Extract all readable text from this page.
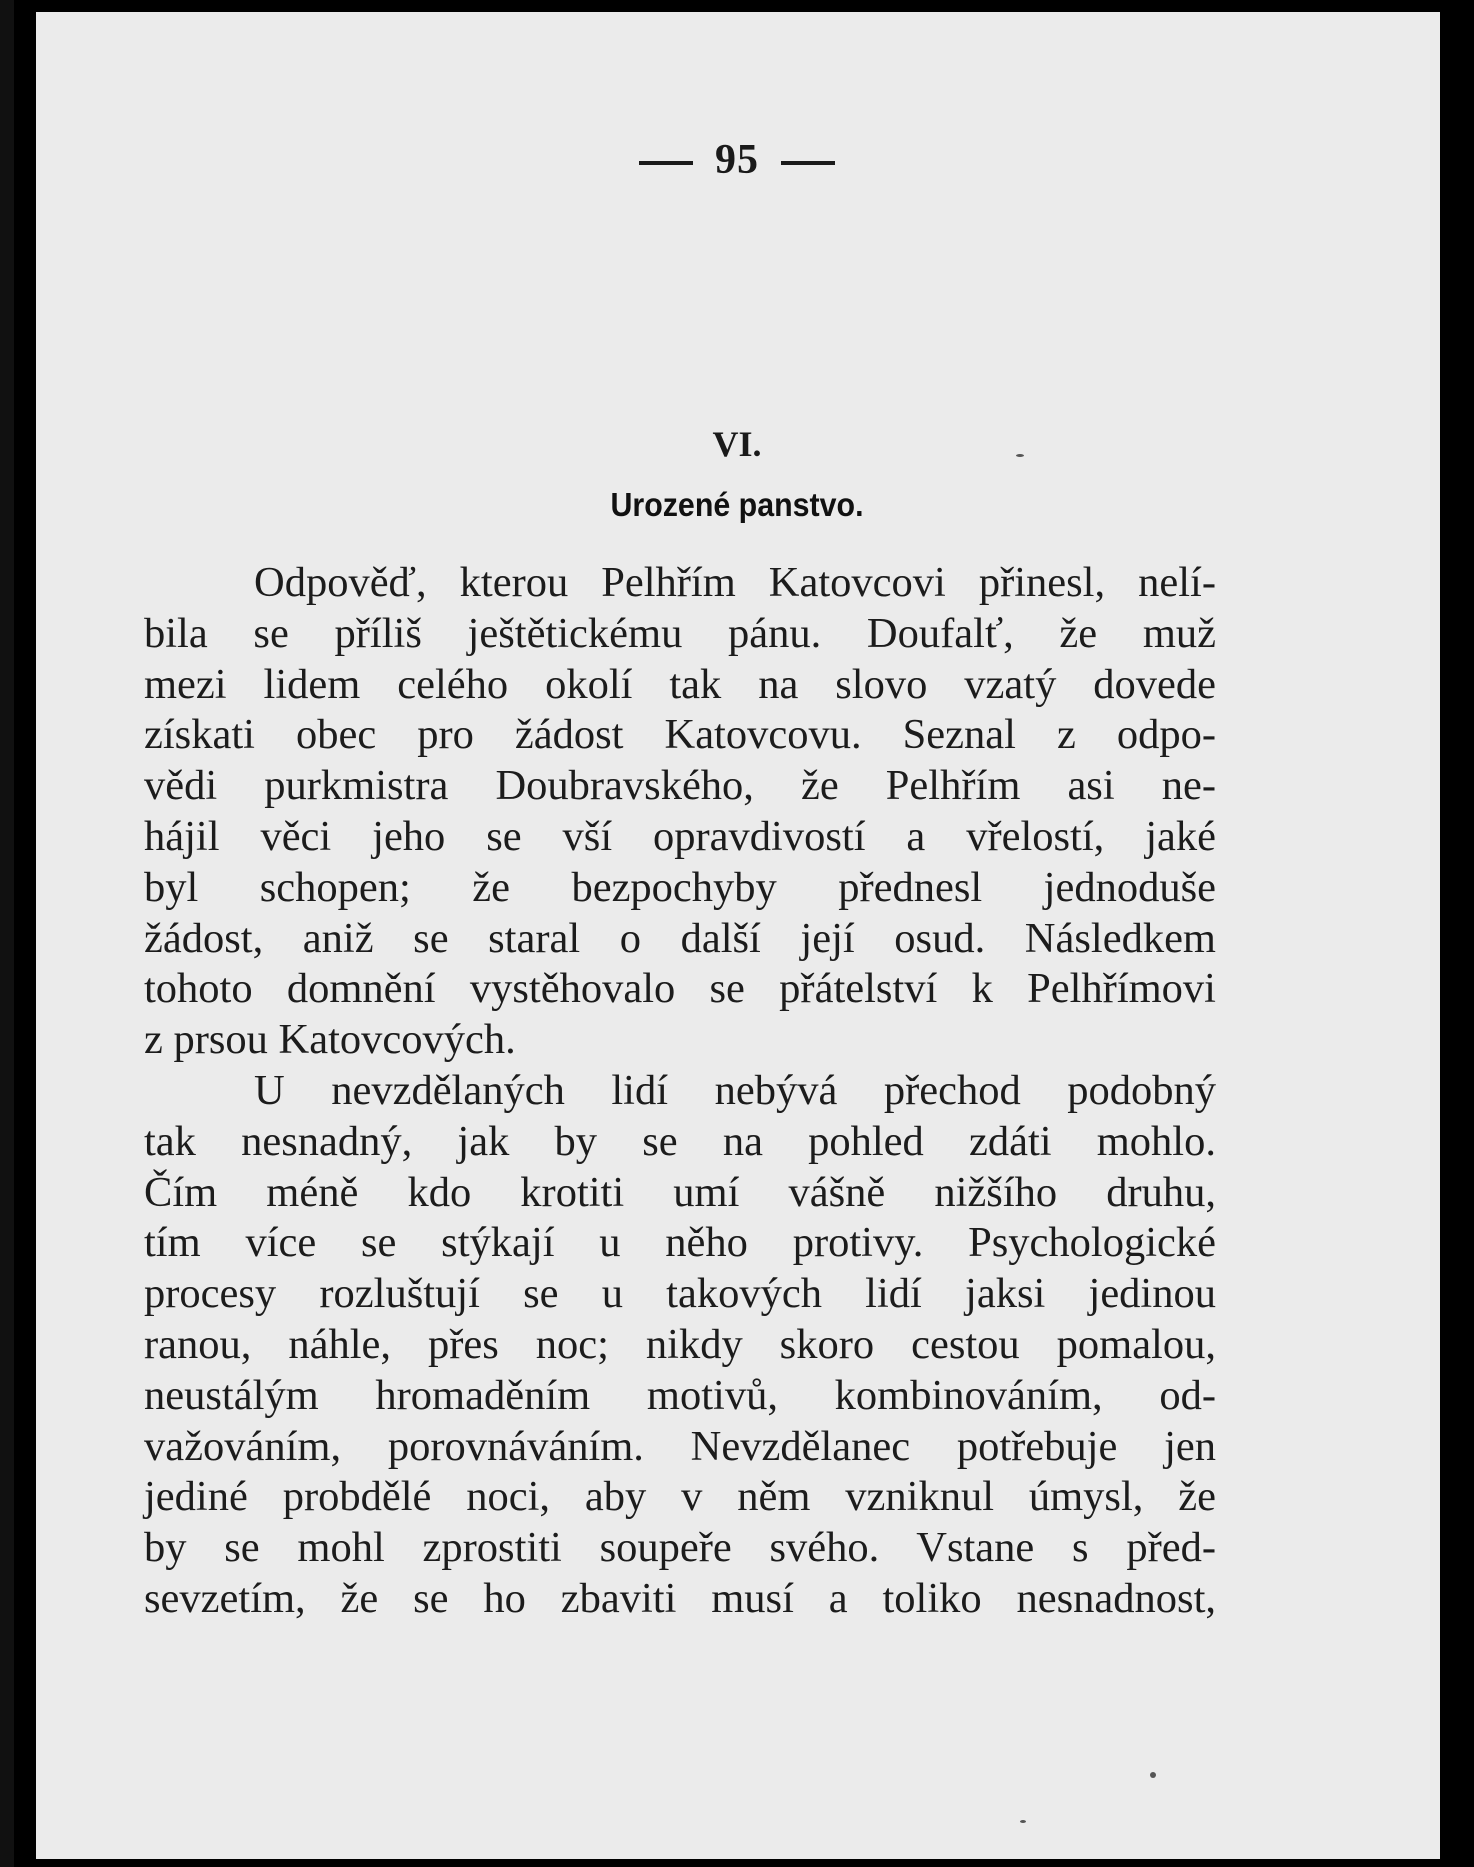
95
VI.
Urozené panstvo.
Odpověď, kterou Pelhřím Katovcovi přinesl, nelí-
bila se příliš ještětickému pánu. Doufalť, že muž
mezi lidem celého okolí tak na slovo vzatý dovede
získati obec pro žádost Katovcovu. Seznal z odpo-
vědi purkmistra Doubravského, že Pelhřím asi ne-
hájil věci jeho se vší opravdivostí a vřelostí, jaké
byl schopen; že bezpochyby přednesl jednoduše
žádost, aniž se staral o další její osud. Následkem
tohoto domnění vystěhovalo se přátelství k Pelhřímovi
z prsou Katovcových.
U nevzdělaných lidí nebývá přechod podobný
tak nesnadný, jak by se na pohled zdáti mohlo.
Čím méně kdo krotiti umí vášně nižšího druhu,
tím více se stýkají u něho protivy. Psychologické
procesy rozluštují se u takových lidí jaksi jedinou
ranou, náhle, přes noc; nikdy skoro cestou pomalou,
neustálým hromaděním motivů, kombinováním, od-
važováním, porovnáváním. Nevzdělanec potřebuje jen
jediné probdělé noci, aby v něm vzniknul úmysl, že
by se mohl zprostiti soupeře svého. Vstane s před-
sevzetím, že se ho zbaviti musí a toliko nesnadnost,
